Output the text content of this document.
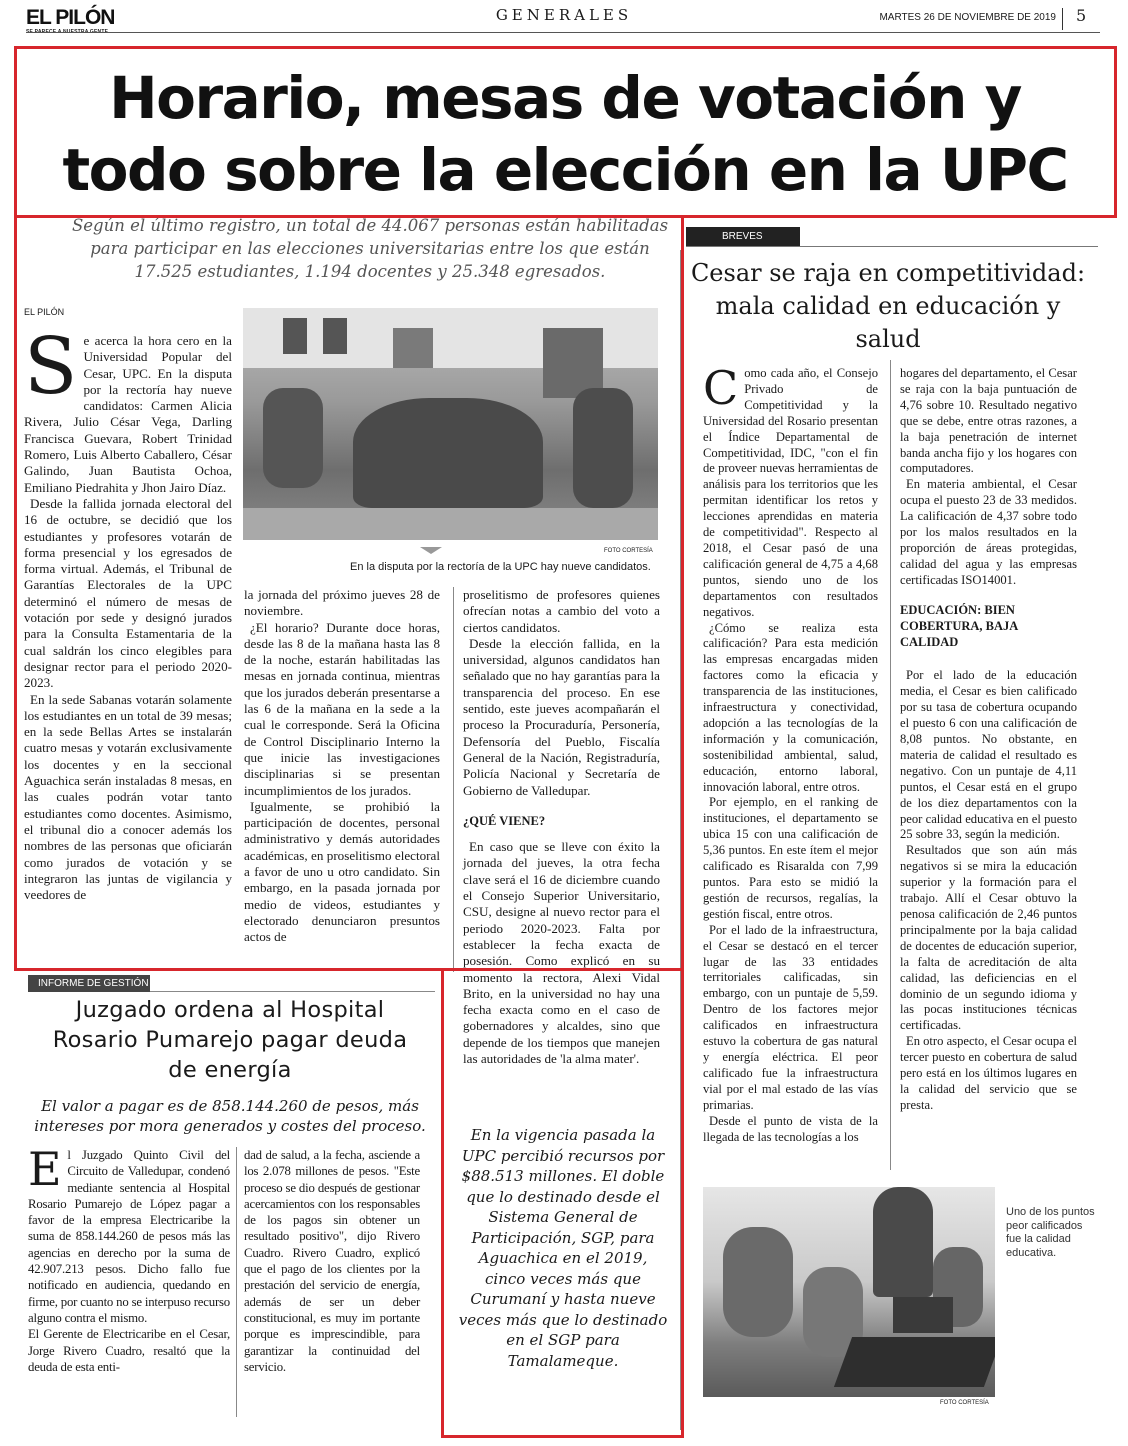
EL PILÓN	GENERALES	MARTES 26 DE NOVIEMBRE DE 2019 5
Horario, mesas de votación y
todo sobre la elección en la UPC
Según el último registro, un total de 44.067 personas están habilitadas para participar en las elecciones universitarias entre los que están 17.525 estudiantes, 1.194 docentes y 25.348 egresados.
EL PILÓN
S e acerca la hora cero en la Universidad Popular del Cesar, UPC. En la disputa por la rectoría hay nueve candidatos: Carmen Alicia Rivera, Julio César Vega, Darling Francisca Guevara, Robert Trinidad Romero, Luis Alberto Caballero, César Galindo, Juan Bautista Ochoa, Emiliano Piedrahita y Jhon Jairo Díaz.

Desde la fallida jornada electoral del 16 de octubre, se decidió que los estudiantes y profesores votarán de forma presencial y los egresados de forma virtual. Además, el Tribunal de Garantías Electorales de la UPC determinó el número de mesas de votación por sede y designó jurados para la Consulta Estamentaria de la cual saldrán los cinco elegibles para designar rector para el periodo 2020-2023.

En la sede Sabanas votarán solamente los estudiantes en un total de 39 mesas; en la sede Bellas Artes se instalarán cuatro mesas y votarán exclusivamente los docentes y en la seccional Aguachica serán instaladas 8 mesas, en las cuales podrán votar tanto estudiantes como docentes. Asimismo, el tribunal dio a conocer además los nombres de las personas que oficiarán como jurados de votación y se integraron las juntas de vigilancia y veedores de

FOTO CORTESÍA
En la disputa por la rectoría de la UPC hay nueve candidatos.

la jornada del próximo jueves 28 de noviembre.

¿El horario? Durante doce horas, desde las 8 de la mañana hasta las 8 de la noche, estarán habilitadas las mesas en jornada continua, mientras que los jurados deberán presentarse a las 6 de la mañana en la sede a la cual le corresponde. Será la Oficina de Control Disciplinario Interno la que inicie las investigaciones disciplinarias si se presentan incumplimientos de los jurados.

Igualmente, se prohibió la participación de docentes, personal administrativo y demás autoridades académicas, en proselitismo electoral a favor de uno u otro candidato. Sin embargo, en la pasada jornada por medio de videos, estudiantes y electorado denunciaron presuntos actos de

proselitismo de profesores quienes ofrecían notas a cambio del voto a ciertos candidatos.

Desde la elección fallida, en la universidad, algunos candidatos han señalado que no hay garantías para la transparencia del proceso. En ese sentido, este jueves acompañarán el proceso la Procuraduría, Personería, Defensoría del Pueblo, Fiscalía General de la Nación, Registraduría, Policía Nacional y Secretaría de Gobierno de Valledupar.

¿QUÉ VIENE?

En caso que se lleve con éxito la jornada del jueves, la otra fecha clave será el 16 de diciembre cuando el Consejo Superior Universitario, CSU, designe al nuevo rector para el periodo 2020-2023. Falta por establecer la fecha exacta de posesión. Como explicó en su momento la rectora, Alexi Vidal Brito, en la universidad no hay una fecha exacta como en el caso de gobernadores y alcaldes, sino que depende de los tiempos que manejen las autoridades de 'la alma mater'.

BREVES
Cesar se raja en competitividad: mala calidad en educación y salud
C omo cada año, el Consejo Privado de Competitividad y la Universidad del Rosario presentan el Índice Departamental de Competitividad, IDC, "con el fin de proveer nuevas herramientas de análisis para los territorios que les permitan identificar los retos y lecciones aprendidas en materia de competitividad". Respecto al 2018, el Cesar pasó de una calificación general de 4,75 a 4,68 puntos, siendo uno de los departamentos con resultados negativos.

¿Cómo se realiza esta calificación? Para esta medición las empresas encargadas miden factores como la eficacia y transparencia de las instituciones, infraestructura y conectividad, adopción a las tecnologías de la información y la comunicación, sostenibilidad ambiental, salud, educación, entorno laboral, innovación laboral, entre otros.

Por ejemplo, en el ranking de instituciones, el departamento se ubica 15 con una calificación de 5,36 puntos. En este ítem el mejor calificado es Risaralda con 7,99 puntos. Para esto se midió la gestión de recursos, regalías, la gestión fiscal, entre otros.

Por el lado de la infraestructura, el Cesar se destacó en el tercer lugar de las 33 entidades territoriales calificadas, sin embargo, con un puntaje de 5,59. Dentro de los factores mejor calificados en infraestructura estuvo la cobertura de gas natural y energía eléctrica. El peor calificado fue la infraestructura vial por el mal estado de las vías primarias.

Desde el punto de vista de la llegada de las tecnologías a los

hogares del departamento, el Cesar se raja con la baja puntuación de 4,76 sobre 10. Resultado negativo que se debe, entre otras razones, a la baja penetración de internet banda ancha fijo y los hogares con computadores.

En materia ambiental, el Cesar ocupa el puesto 23 de 33 medidos. La calificación de 4,37 sobre todo por los malos resultados en la proporción de áreas protegidas, calidad del agua y las empresas certificadas ISO14001.

EDUCACIÓN: BIEN COBERTURA, BAJA CALIDAD

Por el lado de la educación media, el Cesar es bien calificado por su tasa de cobertura ocupando el puesto 6 con una calificación de 8,08 puntos. No obstante, en materia de calidad el resultado es negativo. Con un puntaje de 4,11 puntos, el Cesar está en el grupo de los diez departamentos con la peor calidad educativa en el puesto 25 sobre 33, según la medición.

Resultados que son aún más negativos si se mira la educación superior y la formación para el trabajo. Allí el Cesar obtuvo la penosa calificación de 2,46 puntos principalmente por la baja calidad de docentes de educación superior, la falta de acreditación de alta calidad, las deficiencias en el dominio de un segundo idioma y las pocas instituciones técnicas certificadas.

En otro aspecto, el Cesar ocupa el tercer puesto en cobertura de salud pero está en los últimos lugares en la calidad del servicio que se presta.

Uno de los puntos peor calificados fue la calidad educativa.
FOTO CORTESÍA
INFORME DE GESTIÓN
Juzgado ordena al Hospital Rosario Pumarejo pagar deuda de energía
El valor a pagar es de 858.144.260 de pesos, más intereses por mora generados y costes del proceso.
E l Juzgado Quinto Civil del Circuito de Valledupar, condenó mediante sentencia al Hospital Rosario Pumarejo de López pagar a favor de la empresa Electricaribe la suma de 858.144.260 de pesos más las agencias en derecho por la suma de 42.907.213 pesos. Dicho fallo fue notificado en audiencia, quedando en firme, por cuanto no se interpuso recurso alguno contra el mismo.

El Gerente de Electricaribe en el Cesar, Jorge Rivero Cuadro, resaltó que la deuda de esta enti-

dad de salud, a la fecha, asciende a los 2.078 millones de pesos. "Este proceso se dio después de gestionar acercamientos con los responsables de los pagos sin obtener un resultado positivo", dijo Rivero Cuadro. Rivero Cuadro, explicó que el pago de los clientes por la prestación del servicio de energía, además de ser un deber constitucional, es muy im portante porque es imprescindible, para garantizar la continuidad del servicio.

En la vigencia pasada la UPC percibió recursos por $88.513 millones. El doble que lo destinado desde el Sistema General de Participación, SGP, para Aguachica en el 2019, cinco veces más que Curumaní y hasta nueve veces más que lo destinado en el SGP para Tamalameque.
